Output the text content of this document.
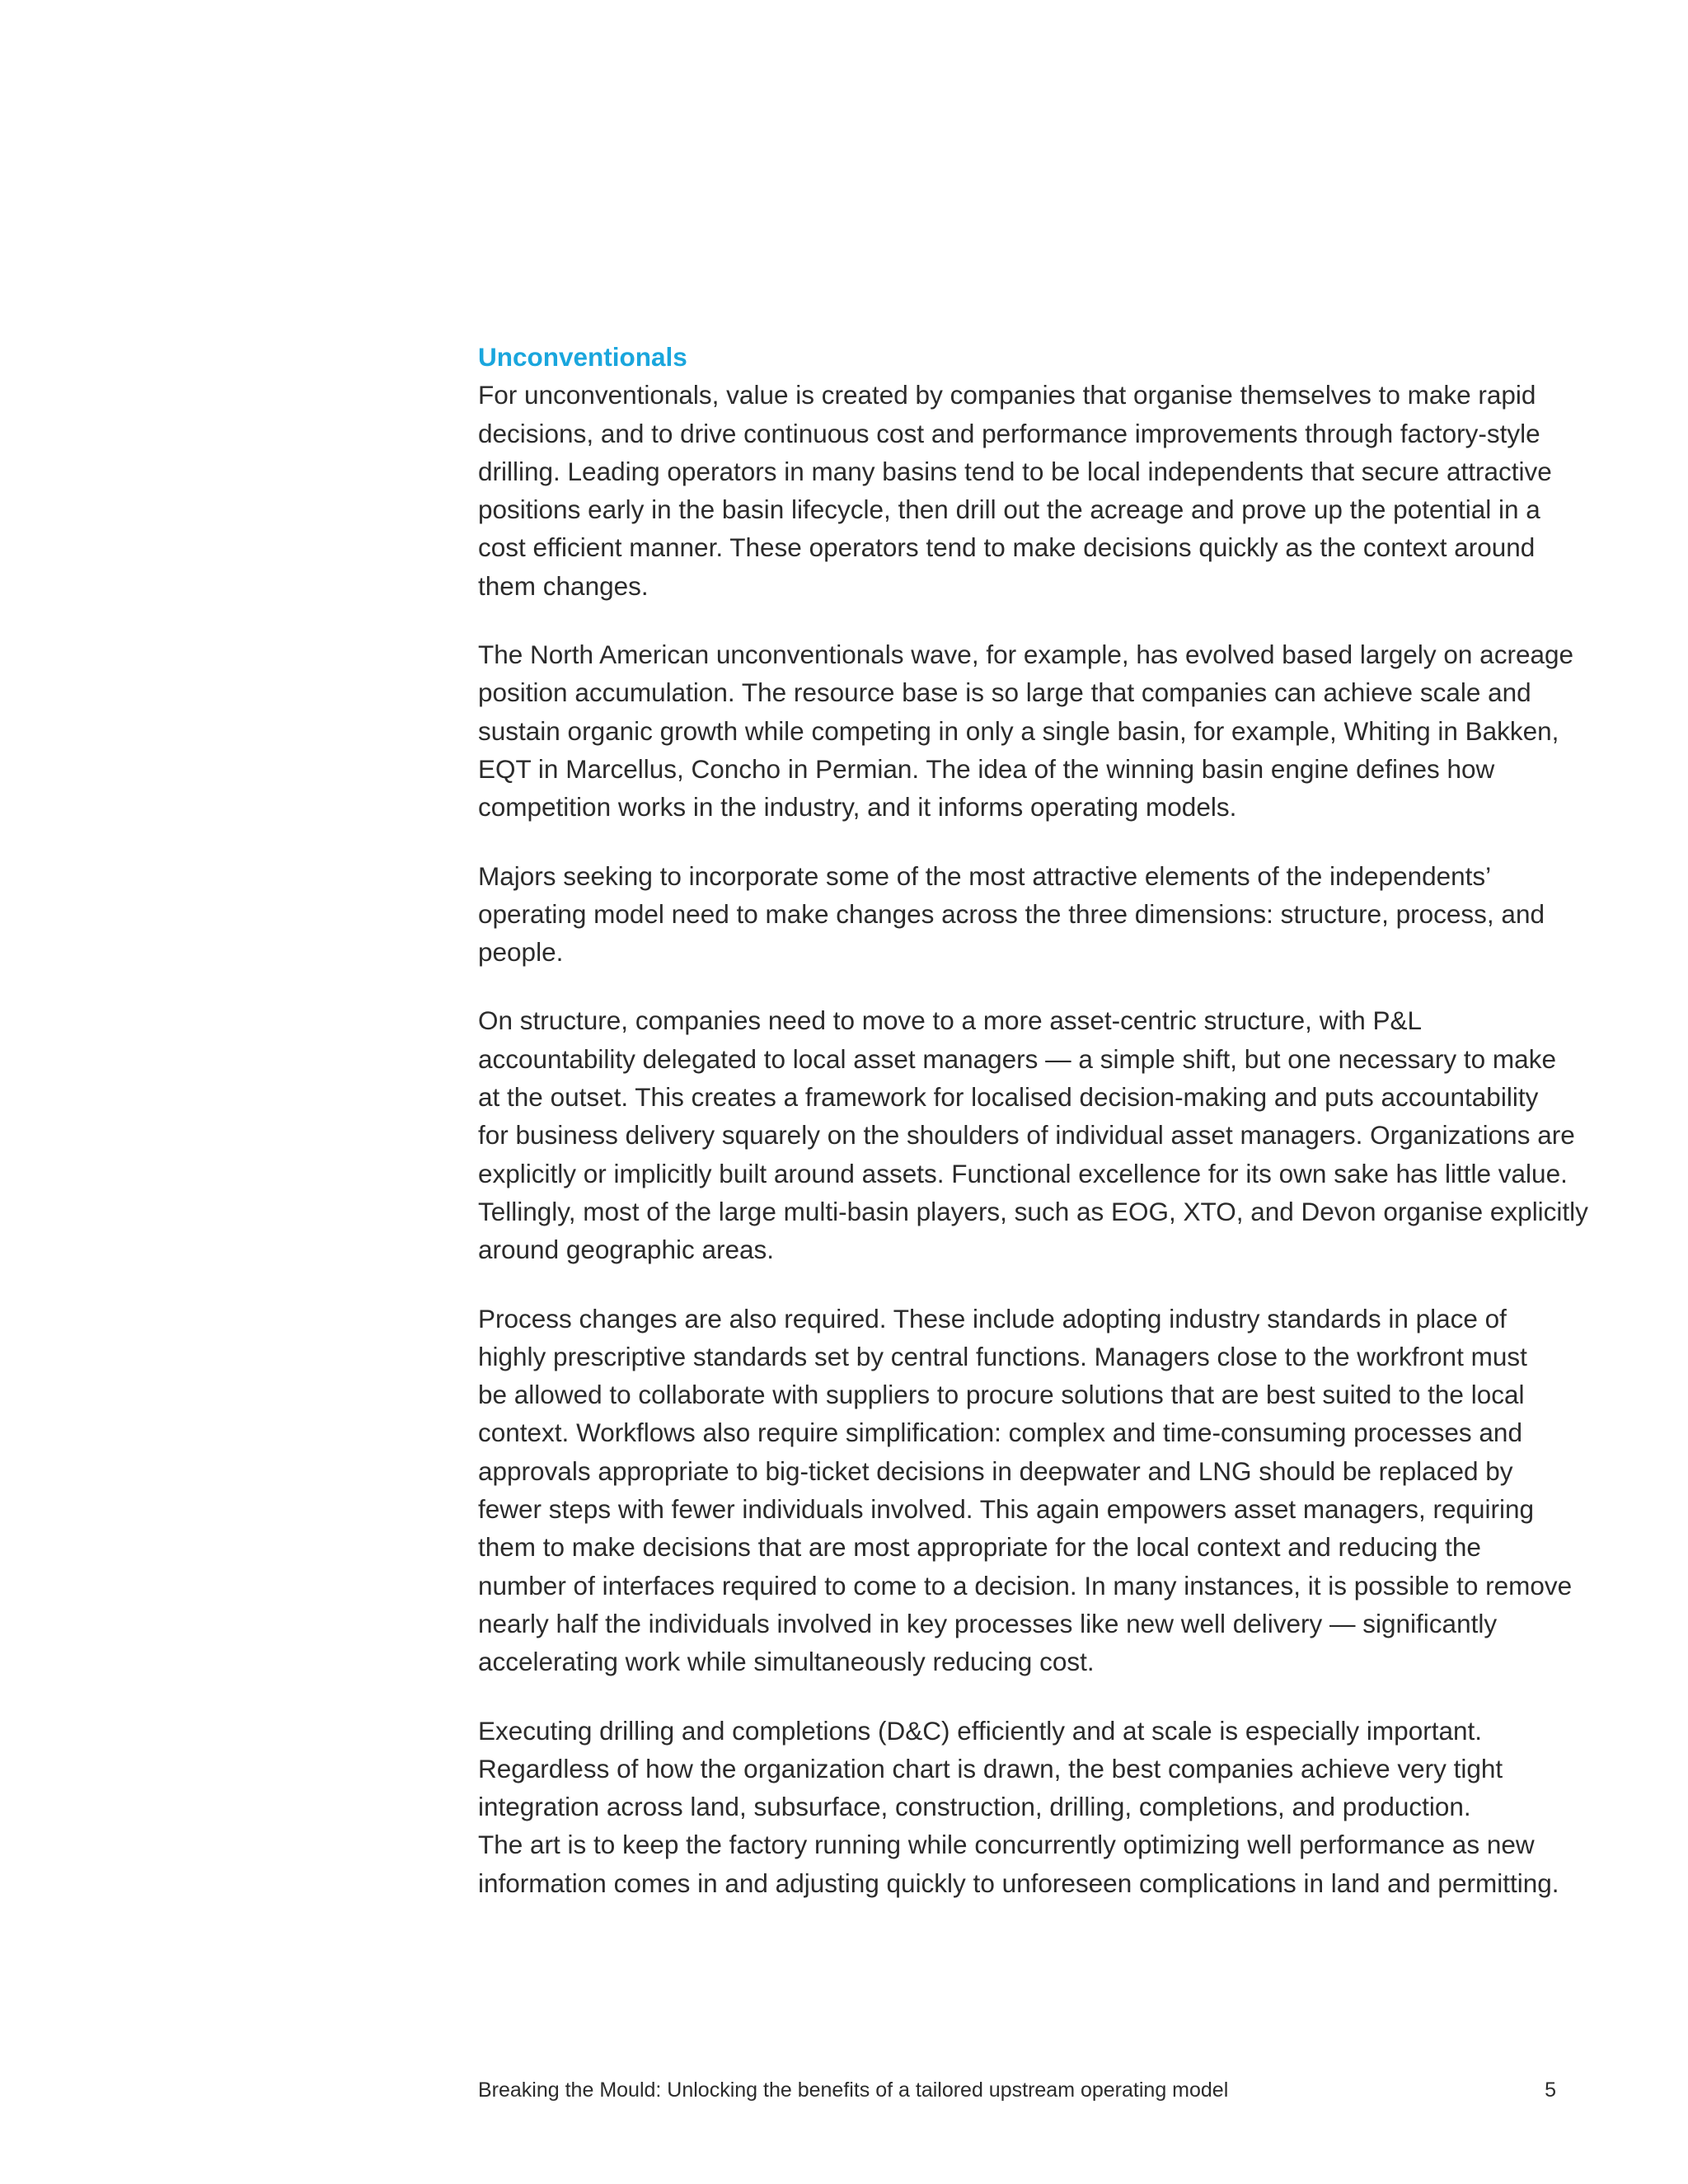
Unconventionals

For unconventionals, value is created by companies that organise themselves to make rapid
decisions, and to drive continuous cost and performance improvements through factory-style
drilling. Leading operators in many basins tend to be local independents that secure attractive
positions early in the basin lifecycle, then drill out the acreage and prove up the potential in a
cost efficient manner. These operators tend to make decisions quickly as the context around
them changes.

The North American unconventionals wave, for example, has evolved based largely on acreage
position accumulation. The resource base is so large that companies can achieve scale and
sustain organic growth while competing in only a single basin, for example, Whiting in Bakken,
EQT in Marcellus, Concho in Permian. The idea of the winning basin engine defines how
competition works in the industry, and it informs operating models.

Majors seeking to incorporate some of the most attractive elements of the independents’
operating model need to make changes across the three dimensions: structure, process, and
people.

On structure, companies need to move to a more asset-centric structure, with P&L
accountability delegated to local asset managers — a simple shift, but one necessary to make
at the outset. This creates a framework for localised decision-making and puts accountability
for business delivery squarely on the shoulders of individual asset managers. Organizations are
explicitly or implicitly built around assets. Functional excellence for its own sake has little value.
Tellingly, most of the large multi-basin players, such as EOG, XTO, and Devon organise explicitly
around geographic areas.

Process changes are also required. These include adopting industry standards in place of
highly prescriptive standards set by central functions. Managers close to the workfront must
be allowed to collaborate with suppliers to procure solutions that are best suited to the local
context. Workflows also require simplification: complex and time-consuming processes and
approvals appropriate to big-ticket decisions in deepwater and LNG should be replaced by
fewer steps with fewer individuals involved. This again empowers asset managers, requiring
them to make decisions that are most appropriate for the local context and reducing the
number of interfaces required to come to a decision. In many instances, it is possible to remove
nearly half the individuals involved in key processes like new well delivery — significantly
accelerating work while simultaneously reducing cost.

Executing drilling and completions (D&C) efficiently and at scale is especially important.
Regardless of how the organization chart is drawn, the best companies achieve very tight
integration across land, subsurface, construction, drilling, completions, and production.
The art is to keep the factory running while concurrently optimizing well performance as new
information comes in and adjusting quickly to unforeseen complications in land and permitting.

Breaking the Mould: Unlocking the benefits of a tailored upstream operating model	5
